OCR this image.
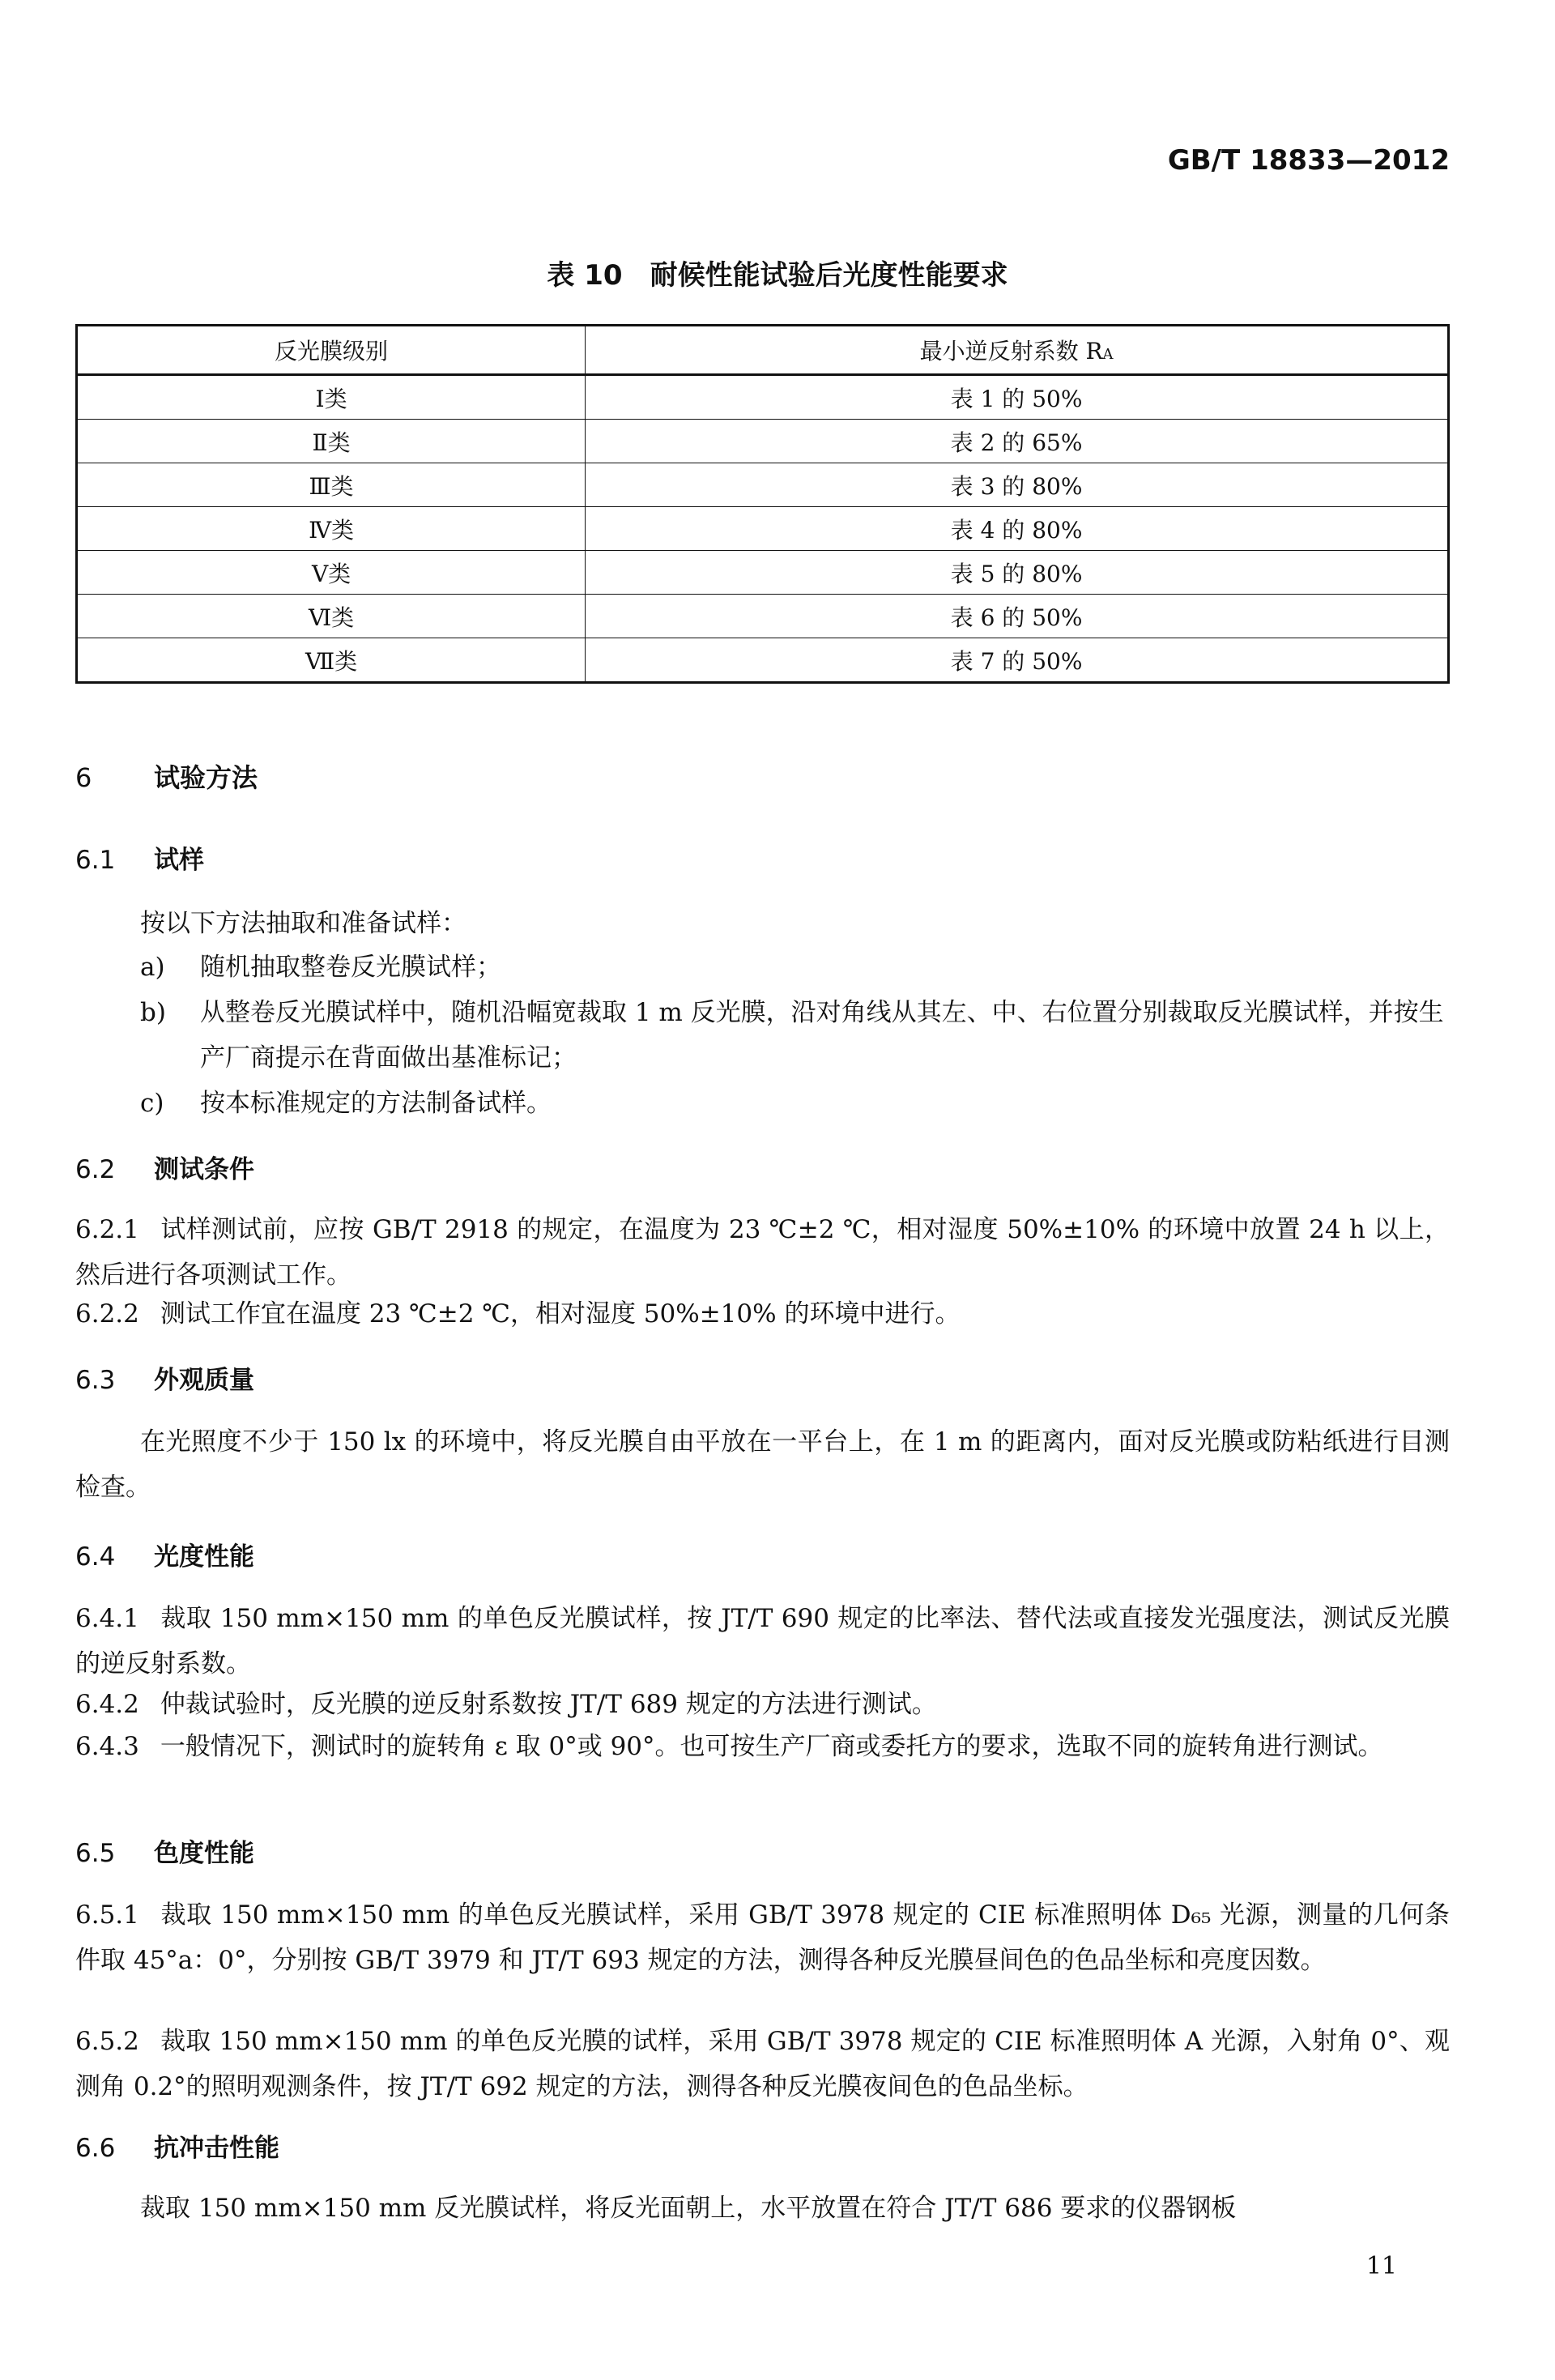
GB/T 18833—2012
表 10　耐候性能试验后光度性能要求
反光膜级别	最小逆反射系数 RA
Ⅰ类	表 1 的 50%
Ⅱ类	表 2 的 65%
Ⅲ类	表 3 的 80%
Ⅳ类	表 4 的 80%
Ⅴ类	表 5 的 80%
Ⅵ类	表 6 的 50%
Ⅶ类	表 7 的 50%
6 试验方法
6.1 试样
按以下方法抽取和准备试样：
a) 随机抽取整卷反光膜试样；
b) 从整卷反光膜试样中，随机沿幅宽裁取 1 m 反光膜，沿对角线从其左、中、右位置分别裁取反光膜试样，并按生产厂商提示在背面做出基准标记；
c) 按本标准规定的方法制备试样。
6.2 测试条件
6.2.1 试样测试前，应按 GB/T 2918 的规定，在温度为 23 ℃±2 ℃，相对湿度 50%±10% 的环境中放置 24 h 以上，然后进行各项测试工作。
6.2.2 测试工作宜在温度 23 ℃±2 ℃，相对湿度 50%±10% 的环境中进行。
6.3 外观质量
在光照度不少于 150 lx 的环境中，将反光膜自由平放在一平台上，在 1 m 的距离内，面对反光膜或防粘纸进行目测检查。
6.4 光度性能
6.4.1 裁取 150 mm×150 mm 的单色反光膜试样，按 JT/T 690 规定的比率法、替代法或直接发光强度法，测试反光膜的逆反射系数。
6.4.2 仲裁试验时，反光膜的逆反射系数按 JT/T 689 规定的方法进行测试。
6.4.3 一般情况下，测试时的旋转角 ε 取 0°或 90°。也可按生产厂商或委托方的要求，选取不同的旋转角进行测试。
6.5 色度性能
6.5.1 裁取 150 mm×150 mm 的单色反光膜试样，采用 GB/T 3978 规定的 CIE 标准照明体 D₆₅ 光源，测量的几何条件取 45°a：0°，分别按 GB/T 3979 和 JT/T 693 规定的方法，测得各种反光膜昼间色的色品坐标和亮度因数。
6.5.2 裁取 150 mm×150 mm 的单色反光膜的试样，采用 GB/T 3978 规定的 CIE 标准照明体 A 光源，入射角 0°、观测角 0.2°的照明观测条件，按 JT/T 692 规定的方法，测得各种反光膜夜间色的色品坐标。
6.6 抗冲击性能
裁取 150 mm×150 mm 反光膜试样，将反光面朝上，水平放置在符合 JT/T 686 要求的仪器钢板
11
